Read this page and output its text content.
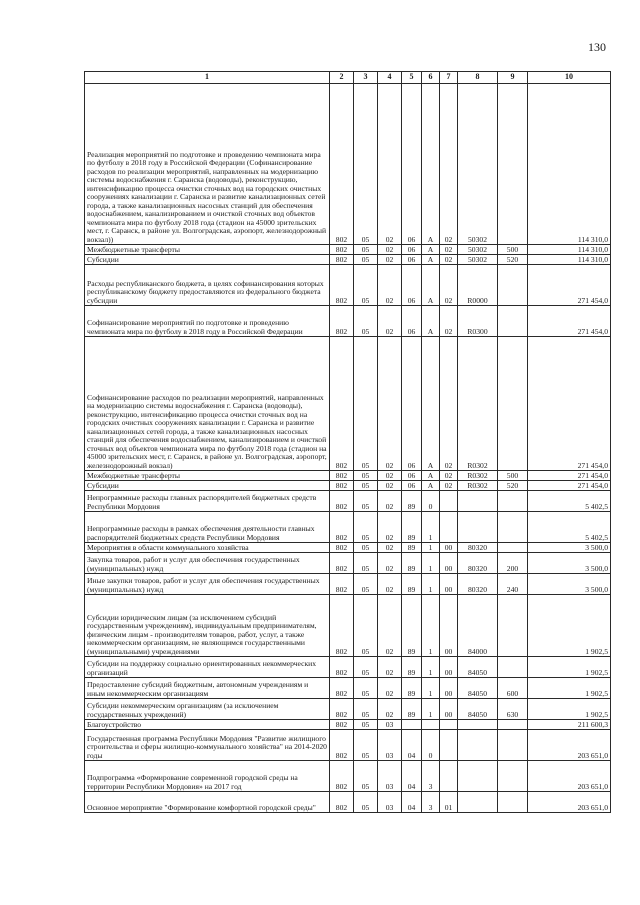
130
1	2	3	4	5	6	7	8	9	10
Реализация мероприятий по подготовке и проведению чемпионата мира по футболу в 2018 году в Российской Федерации (Софинансирование расходов по реализации мероприятий, направленных на модернизацию системы водоснабжения г. Саранска (водоводы), реконструкцию, интенсификацию процесса очистки сточных вод на городских очистных сооружениях канализации г. Саранска и развитие канализационных сетей города, а также канализационных насосных станций для обеспечения водоснабжением, канализированием и очисткой сточных вод объектов чемпионата мира по футболу 2018 года (стадион на 45000 зрительских мест, г. Саранск, в районе ул. Волгоградская, аэропорт, железнодорожный вокзал))	802	05	02	06	А	02	50302		114 310,0
Межбюджетные трансферты	802	05	02	06	А	02	50302	500	114 310,0
Субсидии	802	05	02	06	А	02	50302	520	114 310,0
Расходы республиканского бюджета, в целях софинансирования которых республиканскому бюджету предоставляются из федерального бюджета субсидии	802	05	02	06	А	02	R0000		271 454,0
Софинансирование мероприятий по подготовке и проведению чемпионата мира по футболу в 2018 году в Российской Федерации	802	05	02	06	А	02	R0300		271 454,0
Софинансирование расходов по реализации мероприятий, направленных на модернизацию системы водоснабжения г. Саранска (водоводы), реконструкцию, интенсификацию процесса очистки сточных вод на городских очистных сооружениях канализации г. Саранска и развитие канализационных сетей города, а также канализационных насосных станций для обеспечения водоснабжением, канализированием и очисткой сточных вод объектов чемпионата мира по футболу 2018 года (стадион на 45000 зрительских мест, г. Саранск, в районе ул. Волгоградская, аэропорт, железнодорожный вокзал)	802	05	02	06	А	02	R0302		271 454,0
Межбюджетные трансферты	802	05	02	06	А	02	R0302	500	271 454,0
Субсидии	802	05	02	06	А	02	R0302	520	271 454,0
Непрограммные расходы главных распорядителей бюджетных средств Республики Мордовия	802	05	02	89	0				5 402,5
Непрограммные расходы в рамках обеспечения деятельности главных распорядителей бюджетных средств Республики Мордовия	802	05	02	89	1				5 402,5
Мероприятия в области коммунального хозяйства	802	05	02	89	1	00	80320		3 500,0
Закупка товаров, работ и услуг для обеспечения государственных (муниципальных) нужд	802	05	02	89	1	00	80320	200	3 500,0
Иные закупки товаров, работ и услуг для обеспечения государственных (муниципальных) нужд	802	05	02	89	1	00	80320	240	3 500,0
Субсидии юридическим лицам (за исключением субсидий государственным учреждениям), индивидуальным предпринимателям, физическим лицам - производителям товаров, работ, услуг, а также некоммерческим организациям, не являющимся государственными (муниципальными) учреждениями	802	05	02	89	1	00	84000		1 902,5
Субсидии на поддержку социально ориентированных некоммерческих организаций	802	05	02	89	1	00	84050		1 902,5
Предоставление субсидий бюджетным, автономным учреждениям и иным некоммерческим организациям	802	05	02	89	1	00	84050	600	1 902,5
Субсидии некоммерческим организациям (за исключением государственных учреждений)	802	05	02	89	1	00	84050	630	1 902,5
Благоустройство	802	05	03						211 600,3
Государственная программа Республики Мордовия "Развитие жилищного строительства и сферы жилищно-коммунального хозяйства" на 2014-2020 годы	802	05	03	04	0				203 651,0
Подпрограмма «Формирование современной городской среды на территории Республики Мордовия» на 2017 год	802	05	03	04	3				203 651,0
Основное мероприятие "Формирование комфортной городской среды"	802	05	03	04	3	01			203 651,0
